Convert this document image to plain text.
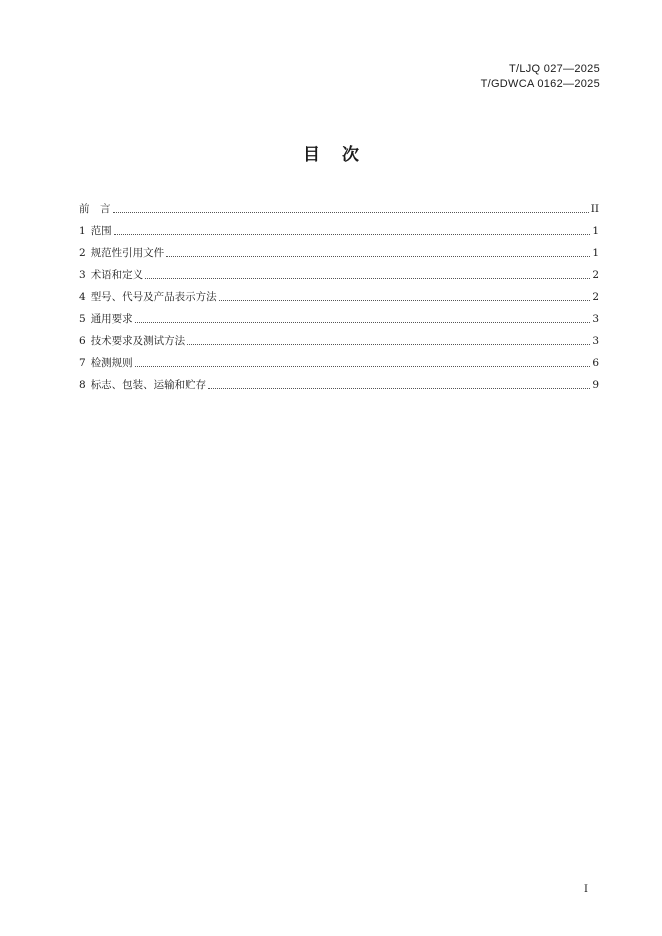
T/LJQ 027—2025
T/GDWCA 0162—2025
目次
前　言	II
1 范围	1
2 规范性引用文件	1
3 术语和定义	2
4 型号、代号及产品表示方法	2
5 通用要求	3
6 技术要求及测试方法	3
7 检测规则	6
8 标志、包装、运输和贮存	9
I
